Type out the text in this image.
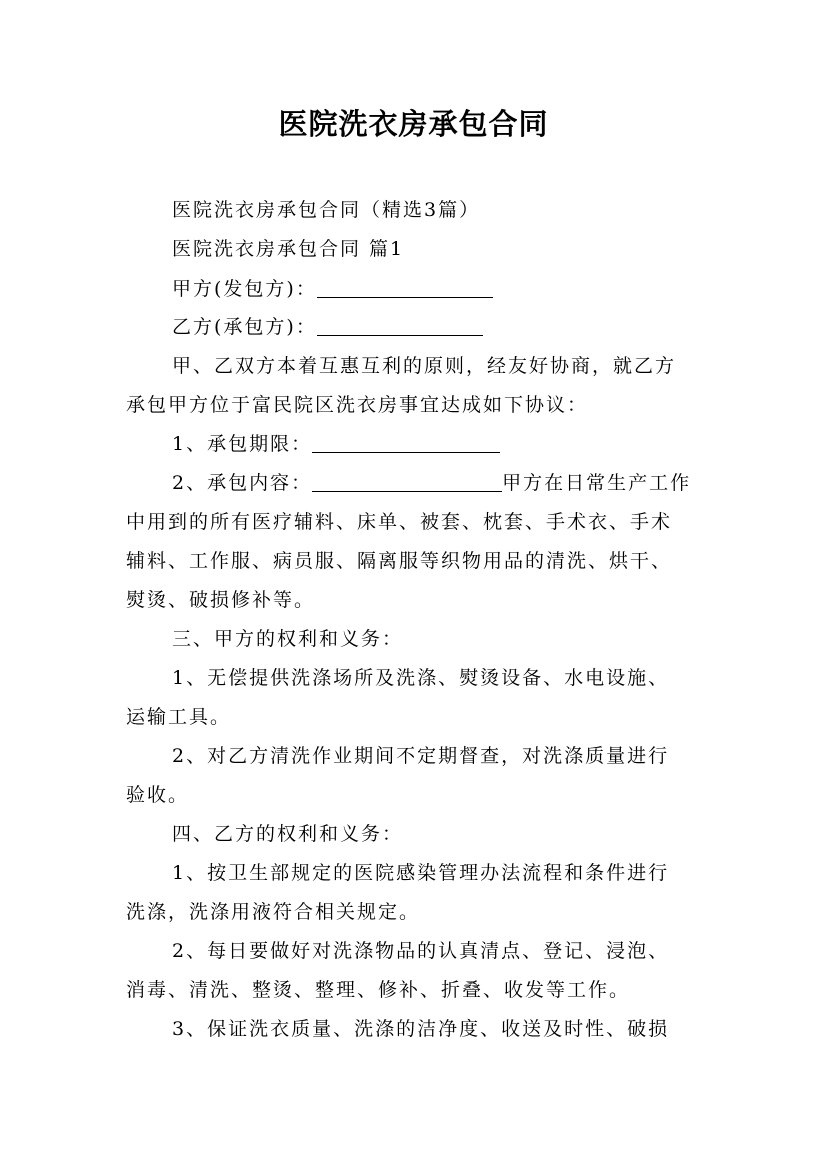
医院洗衣房承包合同
医院洗衣房承包合同（精选3篇）
医院洗衣房承包合同 篇1
甲方(发包方)：
乙方(承包方)：
甲、乙双方本着互惠互利的原则，经友好协商，就乙方
承包甲方位于富民院区洗衣房事宜达成如下协议：
1、承包期限：
2、承包内容：	甲方在日常生产工作
中用到的所有医疗辅料、床单、被套、枕套、手术衣、手术
辅料、工作服、病员服、隔离服等织物用品的清洗、烘干、
熨烫、破损修补等。
三、甲方的权利和义务：
1、无偿提供洗涤场所及洗涤、熨烫设备、水电设施、
运输工具。
2、对乙方清洗作业期间不定期督查，对洗涤质量进行
验收。
四、乙方的权利和义务：
1、按卫生部规定的医院感染管理办法流程和条件进行
洗涤，洗涤用液符合相关规定。
2、每日要做好对洗涤物品的认真清点、登记、浸泡、
消毒、清洗、整烫、整理、修补、折叠、收发等工作。
3、保证洗衣质量、洗涤的洁净度、收送及时性、破损
